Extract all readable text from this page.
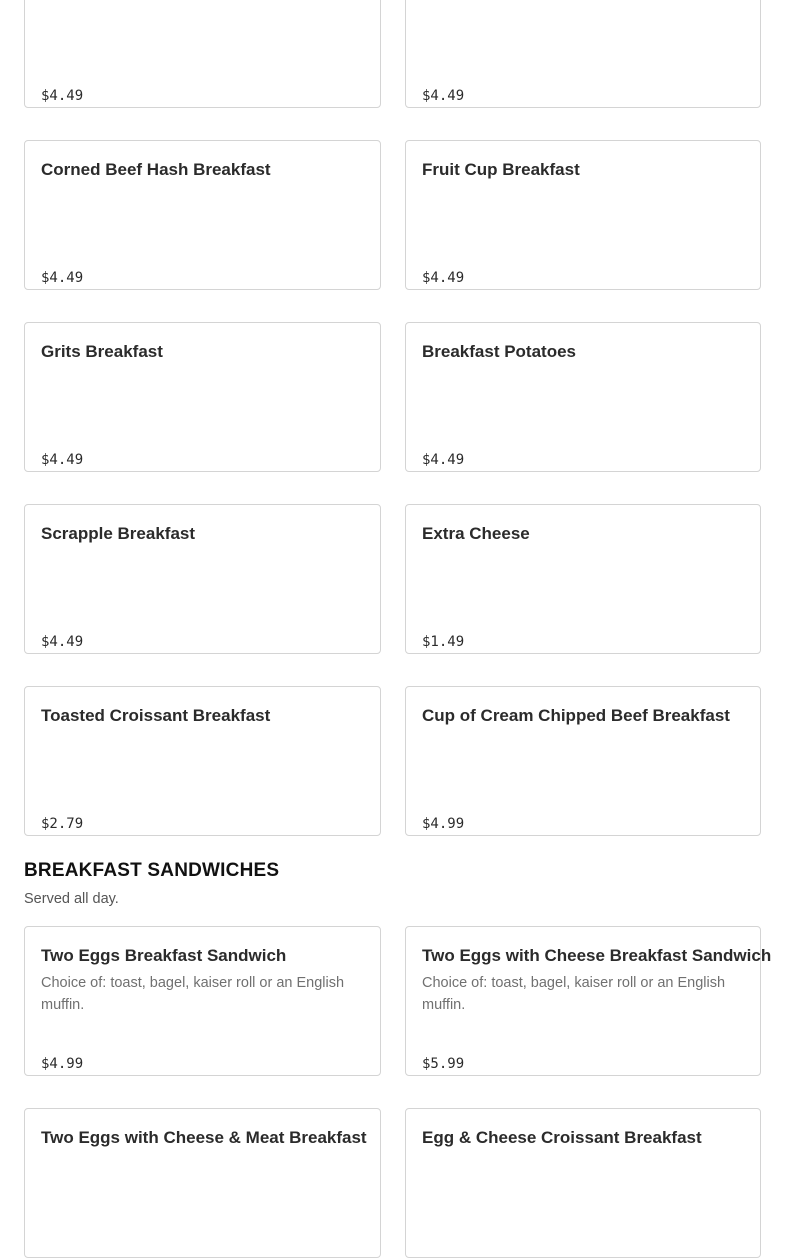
$4.49	$4.49
Corned Beef Hash Breakfast
$4.49
Fruit Cup Breakfast
$4.49
Grits Breakfast
$4.49
Breakfast Potatoes
$4.49
Scrapple Breakfast
$4.49
Extra Cheese
$1.49
Toasted Croissant Breakfast
$2.79
Cup of Cream Chipped Beef Breakfast
$4.99
BREAKFAST SANDWICHES
Served all day.
Two Eggs Breakfast Sandwich
Choice of: toast, bagel, kaiser roll or an English muffin.
$4.99
Two Eggs with Cheese Breakfast Sandwich
Choice of: toast, bagel, kaiser roll or an English muffin.
$5.99
Two Eggs with Cheese & Meat Breakfast	Egg & Cheese Croissant Breakfast
